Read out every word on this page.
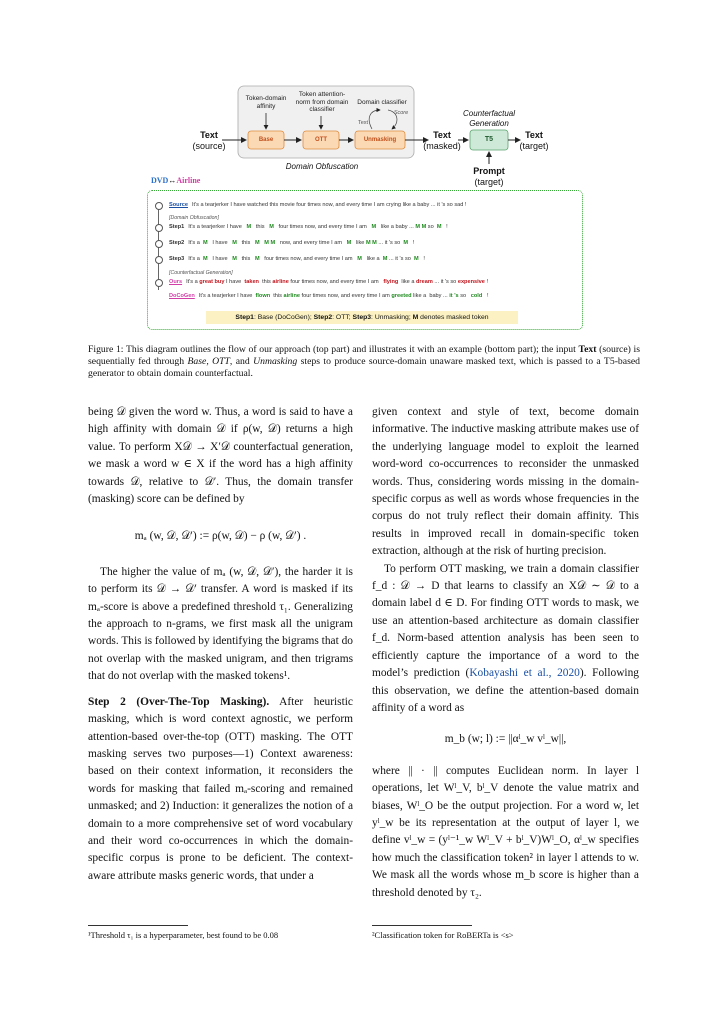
Token-domain affinity
Token attention-norm from domain classifier
Domain classifier
Text
Score
Base	OTT	Unmasking	T5
Text
(source)
Text
(masked)
Text
(target)
Counterfactual Generation
Prompt
(target)
Domain Obfuscation
DVD↔Airline
Source It's a tearjerker I have watched this movie four times now, and every time I am crying like a baby ... it 's so sad !
[Domain Obfuscation]
Step1 It's a tearjerker I have   M   this   M   four times now, and every time I am   M   like a baby ... M M so  M   !
Step2 It's a  M   I have   M   this   M M M   now, and every time I am   M   like M M ... it 's so  M   !
Step3 It's a  M   I have   M   this   M   four times now, and every time I am   M   like a  M ... it 's so  M   !
[Counterfactual Generation]
Ours It's a great buy I have  taken  this airline four times now, and every time I am   flying  like a dream ... it 's so expensive !
DoCoGen It's a tearjerker I have  flown  this airline four times now, and every time I am greeted like a  baby ... it 's so   cold   !
Step1: Base (DoCoGen); Step2: OTT; Step3: Unmasking; M denotes masked token
Figure 1: This diagram outlines the flow of our approach (top part) and illustrates it with an example (bottom part); the input Text (source) is sequentially fed through Base, OTT, and Unmasking steps to produce source-domain unaware masked text, which is passed to a T5-based generator to obtain domain counterfactual.

being 𝒟 given the word w. Thus, a word is said to have a high affinity with domain 𝒟 if ρ(w, 𝒟) returns a high value. To perform X𝒟 → X′𝒟 counterfactual generation, we mask a word w ∈ X if the word has a high affinity towards 𝒟, relative to 𝒟′. Thus, the domain transfer (masking) score can be defined by

mₐ (w, 𝒟, 𝒟′) := ρ(w, 𝒟) − ρ (w, 𝒟′) .

The higher the value of mₐ (w, 𝒟, 𝒟′), the harder it is to perform its 𝒟 → 𝒟′ transfer. A word is masked if its mₐ-score is above a predefined threshold τ₁. Generalizing the approach to n-grams, we first mask all the unigram words. This is followed by identifying the bigrams that do not overlap with the masked unigram, and then trigrams that do not overlap with the masked tokens¹.

Step 2 (Over-The-Top Masking). After heuristic masking, which is word context agnostic, we perform attention-based over-the-top (OTT) masking. The OTT masking serves two purposes—1) Context awareness: based on their context information, it reconsiders the words for masking that failed mₐ-scoring and remained unmasked; and 2) Induction: it generalizes the notion of a domain to a more comprehensive set of word vocabulary and their word co-occurrences in which the domain-specific corpus is prone to be deficient. The context-aware attribute masks generic words, that under a

¹Threshold τ₁ is a hyperparameter, best found to be 0.08

given context and style of text, become domain informative. The inductive masking attribute makes use of the underlying language model to exploit the learned word-word co-occurrences to reconsider the unmasked words. Thus, considering words missing in the domain-specific corpus as well as words whose frequencies in the corpus do not truly reflect their domain affinity. This results in improved recall in domain-specific token extraction, although at the risk of hurting precision.

To perform OTT masking, we train a domain classifier f_d : 𝒟 → D that learns to classify an X𝒟 ∼ 𝒟 to a domain label d ∈ D. For finding OTT words to mask, we use an attention-based architecture as domain classifier f_d. Norm-based attention analysis has been seen to efficiently capture the importance of a word to the model’s prediction (Kobayashi et al., 2020). Following this observation, we define the attention-based domain affinity of a word as

m_b (w; l) := ||αˡ_w vˡ_w||,

where || · || computes Euclidean norm. In layer l operations, let Wˡ_V, bˡ_V denote the value matrix and biases, Wˡ_O be the output projection. For a word w, let yˡ_w be its representation at the output of layer l, we define vˡ_w = (yˡ⁻¹_w Wˡ_V + bˡ_V)Wˡ_O, αˡ_w specifies how much the classification token² in layer l attends to w. We mask all the words whose m_b score is higher than a threshold denoted by τ₂.

²Classification token for RoBERTa is <s>
